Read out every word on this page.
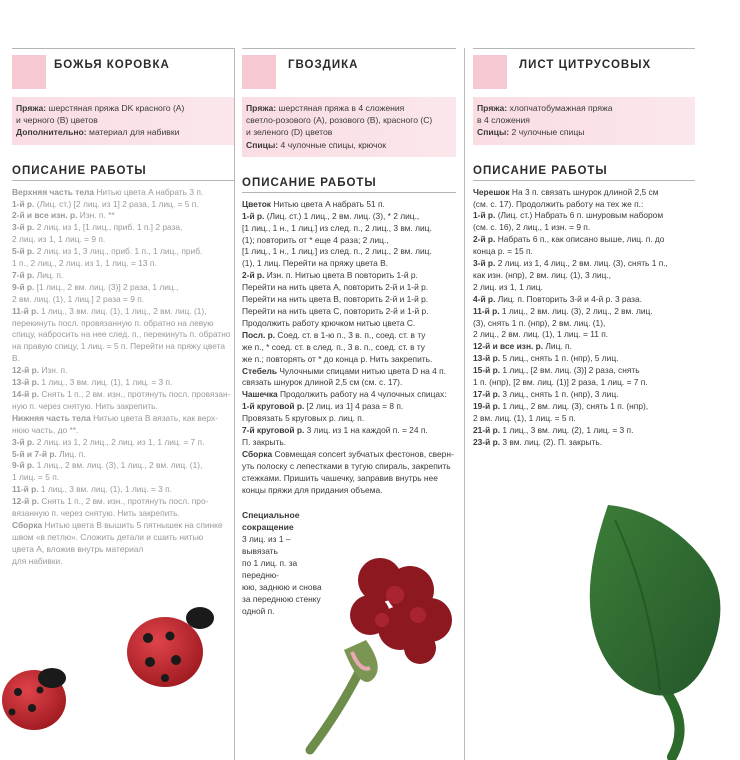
БОЖЬЯ КОРОВКА
Пряжа: шерстяная пряжа DK красного (A)
и черного (B) цветов
Дополнительно: материал для набивки
ОПИСАНИЕ РАБОТЫ
Верхняя часть тела Нитью цвета A набрать 3 п.
1-й р. (Лиц. ст.) [2 лиц. из 1] 2 раза, 1 лиц. = 5 п.
2-й и все изн. р. Изн. п. **
3-й р. 2 лиц. из 1, [1 лиц., приб. 1 п.] 2 раза,
2 лиц. из 1, 1 лиц. = 9 п.
5-й р. 2 лиц. из 1, 3 лиц., приб. 1 п., 1 лиц., приб.
1 п., 2 лиц., 2 лиц. из 1, 1 лиц. = 13 п.
7-й р. Лиц. п.
9-й р. [1 лиц., 2 вм. лиц. (3)] 2 раза, 1 лиц.,
2 вм. лиц. (1), 1 лиц.] 2 раза = 9 п.
11-й р. 1 лиц., 3 вм. лиц. (1), 1 лиц., 2 вм. лиц. (1),
перекинуть посл. провязанную п. обратно на левую
спицу, набросить на нее след. п., перекинуть п. обратно
на правую спицу, 1 лиц. = 5 п. Перейти на пряжу цвета B.
12-й р. Изн. п.
13-й р. 1 лиц., 3 вм. лиц. (1), 1 лиц. = 3 п.
14-й р. Снять 1 п., 2 вм. изн., протянуть посл. провязан-
ную п. через снятую. Нить закрепить.
Нижняя часть тела Нитью цвета B вязать, как верх-
нюю часть, до **.
3-й р. 2 лиц. из 1, 2 лиц., 2 лиц. из 1, 1 лиц. = 7 п.
5-й и 7-й р. Лиц. п.
9-й р. 1 лиц., 2 вм. лиц. (3), 1 лиц., 2 вм. лиц. (1),
1 лиц. = 5 п.
11-й р. 1 лиц., 3 вм. лиц. (1), 1 лиц. = 3 п.
12-й р. Снять 1 п., 2 вм. изн., протянуть посл. про-
вязанную п. через снятую. Нить закрепить.
Сборка Нитью цвета B вышить 5 пятнышек на спинке
швом «в петлю». Сложить детали и сшить нитью
цвета A, вложив внутрь материал
для набивки.
ГВОЗДИКА
Пряжа: шерстяная пряжа в 4 сложения
светло-розового (A), розового (B), красного (C)
и зеленого (D) цветов
Спицы: 4 чулочные спицы, крючок
ОПИСАНИЕ РАБОТЫ
Цветок Нитью цвета A набрать 51 п.
1-й р. (Лиц. ст.) 1 лиц., 2 вм. лиц. (3), * 2 лиц.,
[1 лиц., 1 н., 1 лиц.] из след. п., 2 лиц., 3 вм. лиц.
(1); повторить от * еще 4 раза; 2 лиц.,
[1 лиц., 1 н., 1 лиц.] из след. п., 2 лиц., 2 вм. лиц.
(1), 1 лиц. Перейти на пряжу цвета B.
2-й р. Изн. п. Нитью цвета B повторить 1-й р.
Перейти на нить цвета A, повторить 2-й и 1-й р.
Перейти на нить цвета B, повторить 2-й и 1-й р.
Перейти на нить цвета C, повторить 2-й и 1-й р.
Продолжить работу крючком нитью цвета C.
Посл. р. Соед. ст. в 1-ю п., 3 в. п., соед. ст. в ту
же п., * соед. ст. в след. п., 3 в. п., соед. ст. в ту
же п.; повторять от * до конца р. Нить закрепить.
Стебель Чулочными спицами нитью цвета D на 4 п.
связать шнурок длиной 2,5 см (см. с. 17).
Чашечка Продолжить работу на 4 чулочных спицах:
1-й круговой р. [2 лиц. из 1] 4 раза = 8 п.
Провязать 5 круговых р. лиц. п.
7-й круговой р. 3 лиц. из 1 на каждой п. = 24 п.
П. закрыть.
Сборка Совмещая concert зубчатых фестонов, сверн-
уть полоску с лепестками в тугую спираль, закрепить
стежками. Пришить чашечку, заправив внутрь нее
концы пряжи для придания объема.
Специальное
сокращение
3 лиц. из 1 – вывязать
по 1 лиц. п. за передню-
юю, заднюю и снова
за переднюю стенку
одной п.
ЛИСТ ЦИТРУСОВЫХ
Пряжа: хлопчатобумажная пряжа
в 4 сложения
Спицы: 2 чулочные спицы
ОПИСАНИЕ РАБОТЫ
Черешок На 3 п. связать шнурок длиной 2,5 см
(см. с. 17). Продолжить работу на тех же п.:
1-й р. (Лиц. ст.) Набрать 6 п. шнуровым набором
(см. с. 16), 2 лиц., 1 изн. = 9 п.
2-й р. Набрать 6 п., как описано выше, лиц. п. до
конца р. = 15 п.
3-й р. 2 лиц. из 1, 4 лиц., 2 вм. лиц. (3), снять 1 п.,
как изн. (нпр), 2 вм. лиц. (1), 3 лиц.,
2 лиц. из 1, 1 лиц.
4-й р. Лиц. п. Повторить 3-й и 4-й р. 3 раза.
11-й р. 1 лиц., 2 вм. лиц. (3), 2 лиц., 2 вм. лиц.
(3), снять 1 п. (нпр), 2 вм. лиц. (1),
2 лиц., 2 вм. лиц. (1), 1 лиц. = 11 п.
12-й и все изн. р. Лиц. п.
13-й р. 5 лиц., снять 1 п. (нпр), 5 лиц.
15-й р. 1 лиц., [2 вм. лиц. (3)] 2 раза, снять
1 п. (нпр), [2 вм. лиц. (1)] 2 раза, 1 лиц. = 7 п.
17-й р. 3 лиц., снять 1 п. (нпр), 3 лиц.
19-й р. 1 лиц., 2 вм. лиц. (3), снять 1 п. (нпр),
2 вм. лиц. (1), 1 лиц. = 5 п.
21-й р. 1 лиц., 3 вм. лиц. (2), 1 лиц. = 3 п.
23-й р. 3 вм. лиц. (2). П. закрыть.
